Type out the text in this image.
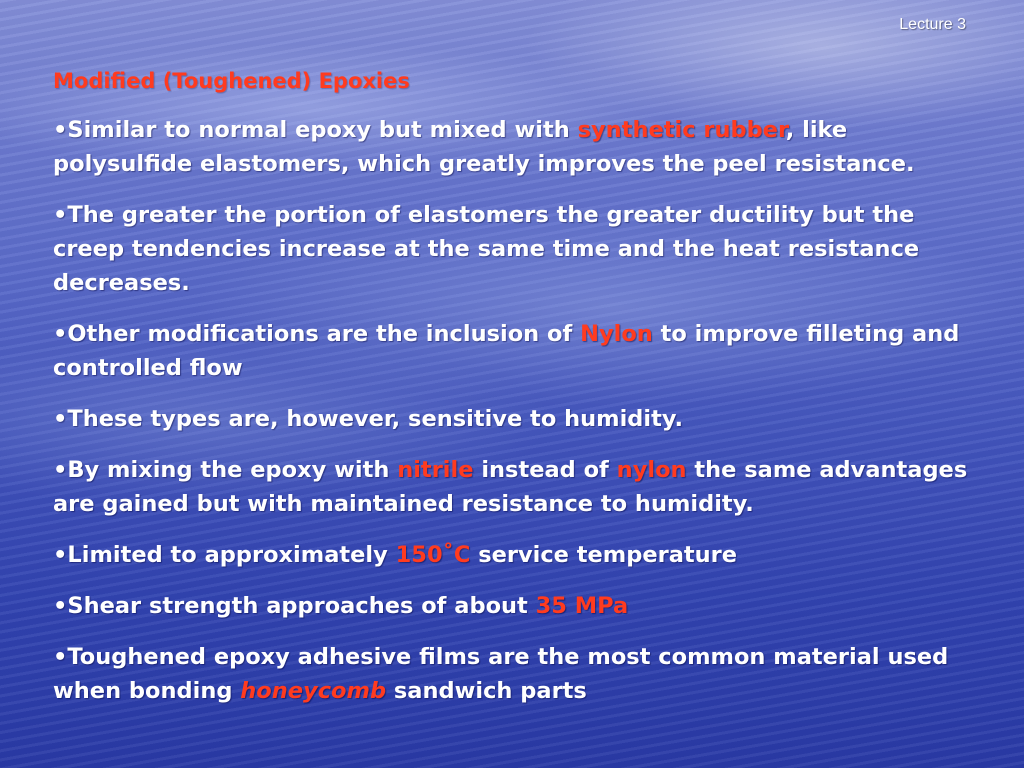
Lecture 3
Modified (Toughened) Epoxies
•Similar to normal epoxy but mixed with synthetic rubber, like polysulfide elastomers, which greatly improves the peel resistance.
•The greater the portion of elastomers the greater ductility but the creep tendencies increase at the same time and the heat resistance decreases.
•Other modifications are the inclusion of Nylon to improve filleting and controlled flow
•These types are, however, sensitive to humidity.
•By mixing the epoxy with nitrile instead of nylon the same advantages are gained but with maintained resistance to humidity.
•Limited to approximately 150˚C service temperature
•Shear strength approaches of about 35 MPa
•Toughened epoxy adhesive films are the most common material used when bonding honeycomb sandwich parts
